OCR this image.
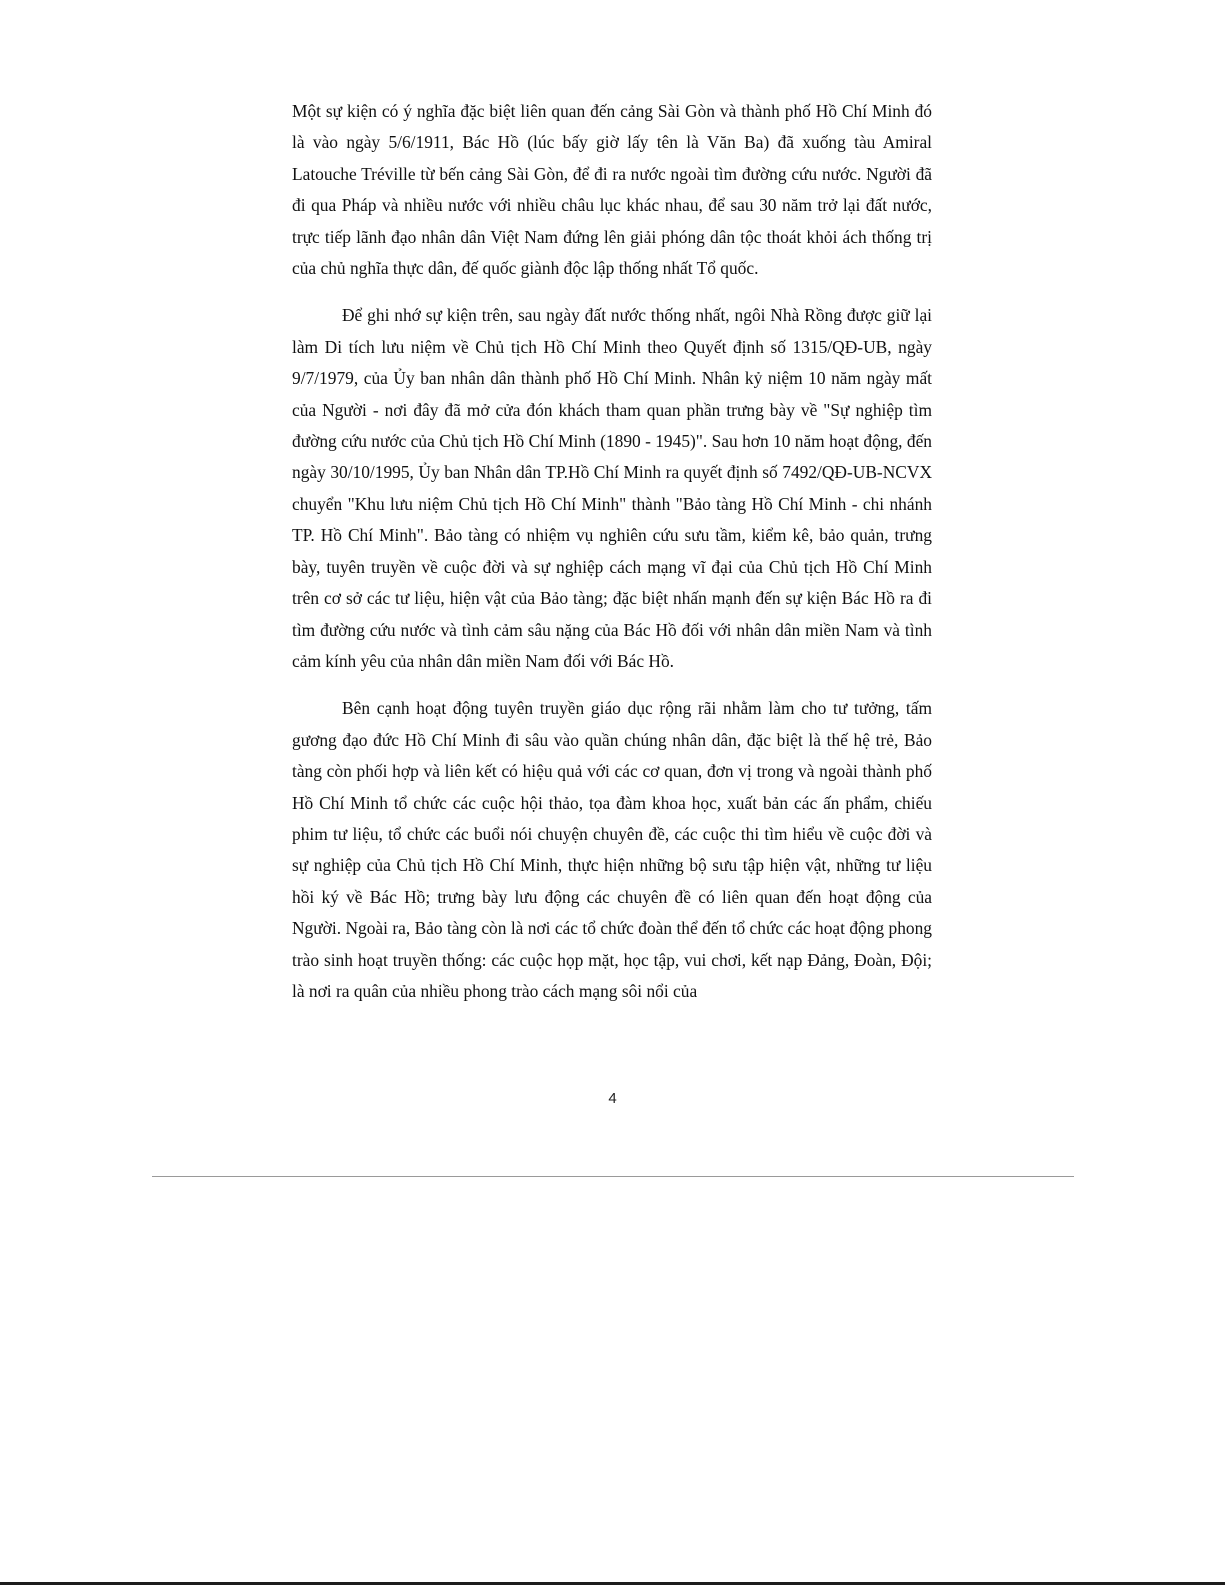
Một sự kiện có ý nghĩa đặc biệt liên quan đến cảng Sài Gòn và thành phố Hồ Chí Minh đó là vào ngày 5/6/1911, Bác Hồ (lúc bấy giờ lấy tên là Văn Ba) đã xuống tàu Amiral Latouche Tréville từ bến cảng Sài Gòn, để đi ra nước ngoài tìm đường cứu nước. Người đã đi qua Pháp và nhiều nước với nhiều châu lục khác nhau, để sau 30 năm trở lại đất nước, trực tiếp lãnh đạo nhân dân Việt Nam đứng lên giải phóng dân tộc thoát khỏi ách thống trị của chủ nghĩa thực dân, đế quốc giành độc lập thống nhất Tổ quốc.

Để ghi nhớ sự kiện trên, sau ngày đất nước thống nhất, ngôi Nhà Rồng được giữ lại làm Di tích lưu niệm về Chủ tịch Hồ Chí Minh theo Quyết định số 1315/QĐ-UB, ngày 9/7/1979, của Ủy ban nhân dân thành phố Hồ Chí Minh. Nhân kỷ niệm 10 năm ngày mất của Người - nơi đây đã mở cửa đón khách tham quan phần trưng bày về "Sự nghiệp tìm đường cứu nước của Chủ tịch Hồ Chí Minh (1890 - 1945)". Sau hơn 10 năm hoạt động, đến ngày 30/10/1995, Ủy ban Nhân dân TP.Hồ Chí Minh ra quyết định số 7492/QĐ-UB-NCVX chuyển "Khu lưu niệm Chủ tịch Hồ Chí Minh" thành "Bảo tàng Hồ Chí Minh - chi nhánh TP. Hồ Chí Minh". Bảo tàng có nhiệm vụ nghiên cứu sưu tầm, kiểm kê, bảo quản, trưng bày, tuyên truyền về cuộc đời và sự nghiệp cách mạng vĩ đại của Chủ tịch Hồ Chí Minh trên cơ sở các tư liệu, hiện vật của Bảo tàng; đặc biệt nhấn mạnh đến sự kiện Bác Hồ ra đi tìm đường cứu nước và tình cảm sâu nặng của Bác Hồ đối với nhân dân miền Nam và tình cảm kính yêu của nhân dân miền Nam đối với Bác Hồ.

Bên cạnh hoạt động tuyên truyền giáo dục rộng rãi nhằm làm cho tư tưởng, tấm gương đạo đức Hồ Chí Minh đi sâu vào quần chúng nhân dân, đặc biệt là thế hệ trẻ, Bảo tàng còn phối hợp và liên kết có hiệu quả với các cơ quan, đơn vị trong và ngoài thành phố Hồ Chí Minh tổ chức các cuộc hội thảo, tọa đàm khoa học, xuất bản các ấn phẩm, chiếu phim tư liệu, tổ chức các buổi nói chuyện chuyên đề, các cuộc thi tìm hiểu về cuộc đời và sự nghiệp của Chủ tịch Hồ Chí Minh, thực hiện những bộ sưu tập hiện vật, những tư liệu hồi ký về Bác Hồ; trưng bày lưu động các chuyên đề có liên quan đến hoạt động của Người. Ngoài ra, Bảo tàng còn là nơi các tổ chức đoàn thể đến tổ chức các hoạt động phong trào sinh hoạt truyền thống: các cuộc họp mặt, học tập, vui chơi, kết nạp Đảng, Đoàn, Đội; là nơi ra quân của nhiều phong trào cách mạng sôi nổi của

4
